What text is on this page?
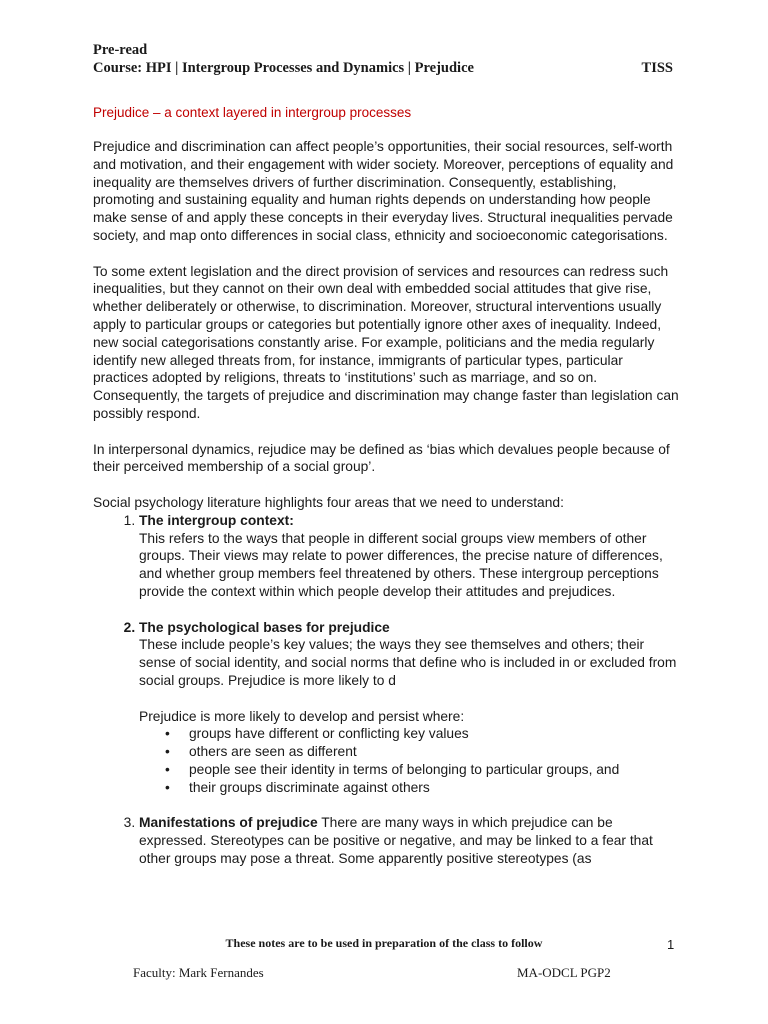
Pre-read
Course: HPI | Intergroup Processes and Dynamics | Prejudice	TISS
Prejudice – a context layered in intergroup processes

Prejudice and discrimination can affect people’s opportunities, their social resources, self-worth and motivation, and their engagement with wider society. Moreover, perceptions of equality and inequality are themselves drivers of further discrimination. Consequently, establishing, promoting and sustaining equality and human rights depends on understanding how people make sense of and apply these concepts in their everyday lives. Structural inequalities pervade society, and map onto differences in social class, ethnicity and socioeconomic categorisations.

To some extent legislation and the direct provision of services and resources can redress such inequalities, but they cannot on their own deal with embedded social attitudes that give rise, whether deliberately or otherwise, to discrimination. Moreover, structural interventions usually apply to particular groups or categories but potentially ignore other axes of inequality. Indeed, new social categorisations constantly arise. For example, politicians and the media regularly identify new alleged threats from, for instance, immigrants of particular types, particular practices adopted by religions, threats to ‘institutions’ such as marriage, and so on. Consequently, the targets of prejudice and discrimination may change faster than legislation can possibly respond.

In interpersonal dynamics, rejudice may be defined as ‘bias which devalues people because of their perceived membership of a social group’.

Social psychology literature highlights four areas that we need to understand:

1. The intergroup context:
This refers to the ways that people in different social groups view members of other groups. Their views may relate to power differences, the precise nature of differences, and whether group members feel threatened by others. These intergroup perceptions provide the context within which people develop their attitudes and prejudices.
2. The psychological bases for prejudice
These include people’s key values; the ways they see themselves and others; their sense of social identity, and social norms that define who is included in or excluded from social groups. Prejudice is more likely to d
Prejudice is more likely to develop and persist where:
• groups have different or conflicting key values
• others are seen as different
• people see their identity in terms of belonging to particular groups, and
• their groups discriminate against others
3. Manifestations of prejudice There are many ways in which prejudice can be expressed. Stereotypes can be positive or negative, and may be linked to a fear that other groups may pose a threat. Some apparently positive stereotypes (as
These notes are to be used in preparation of the class to follow	1
Faculty: Mark Fernandes	MA-ODCL PGP2
